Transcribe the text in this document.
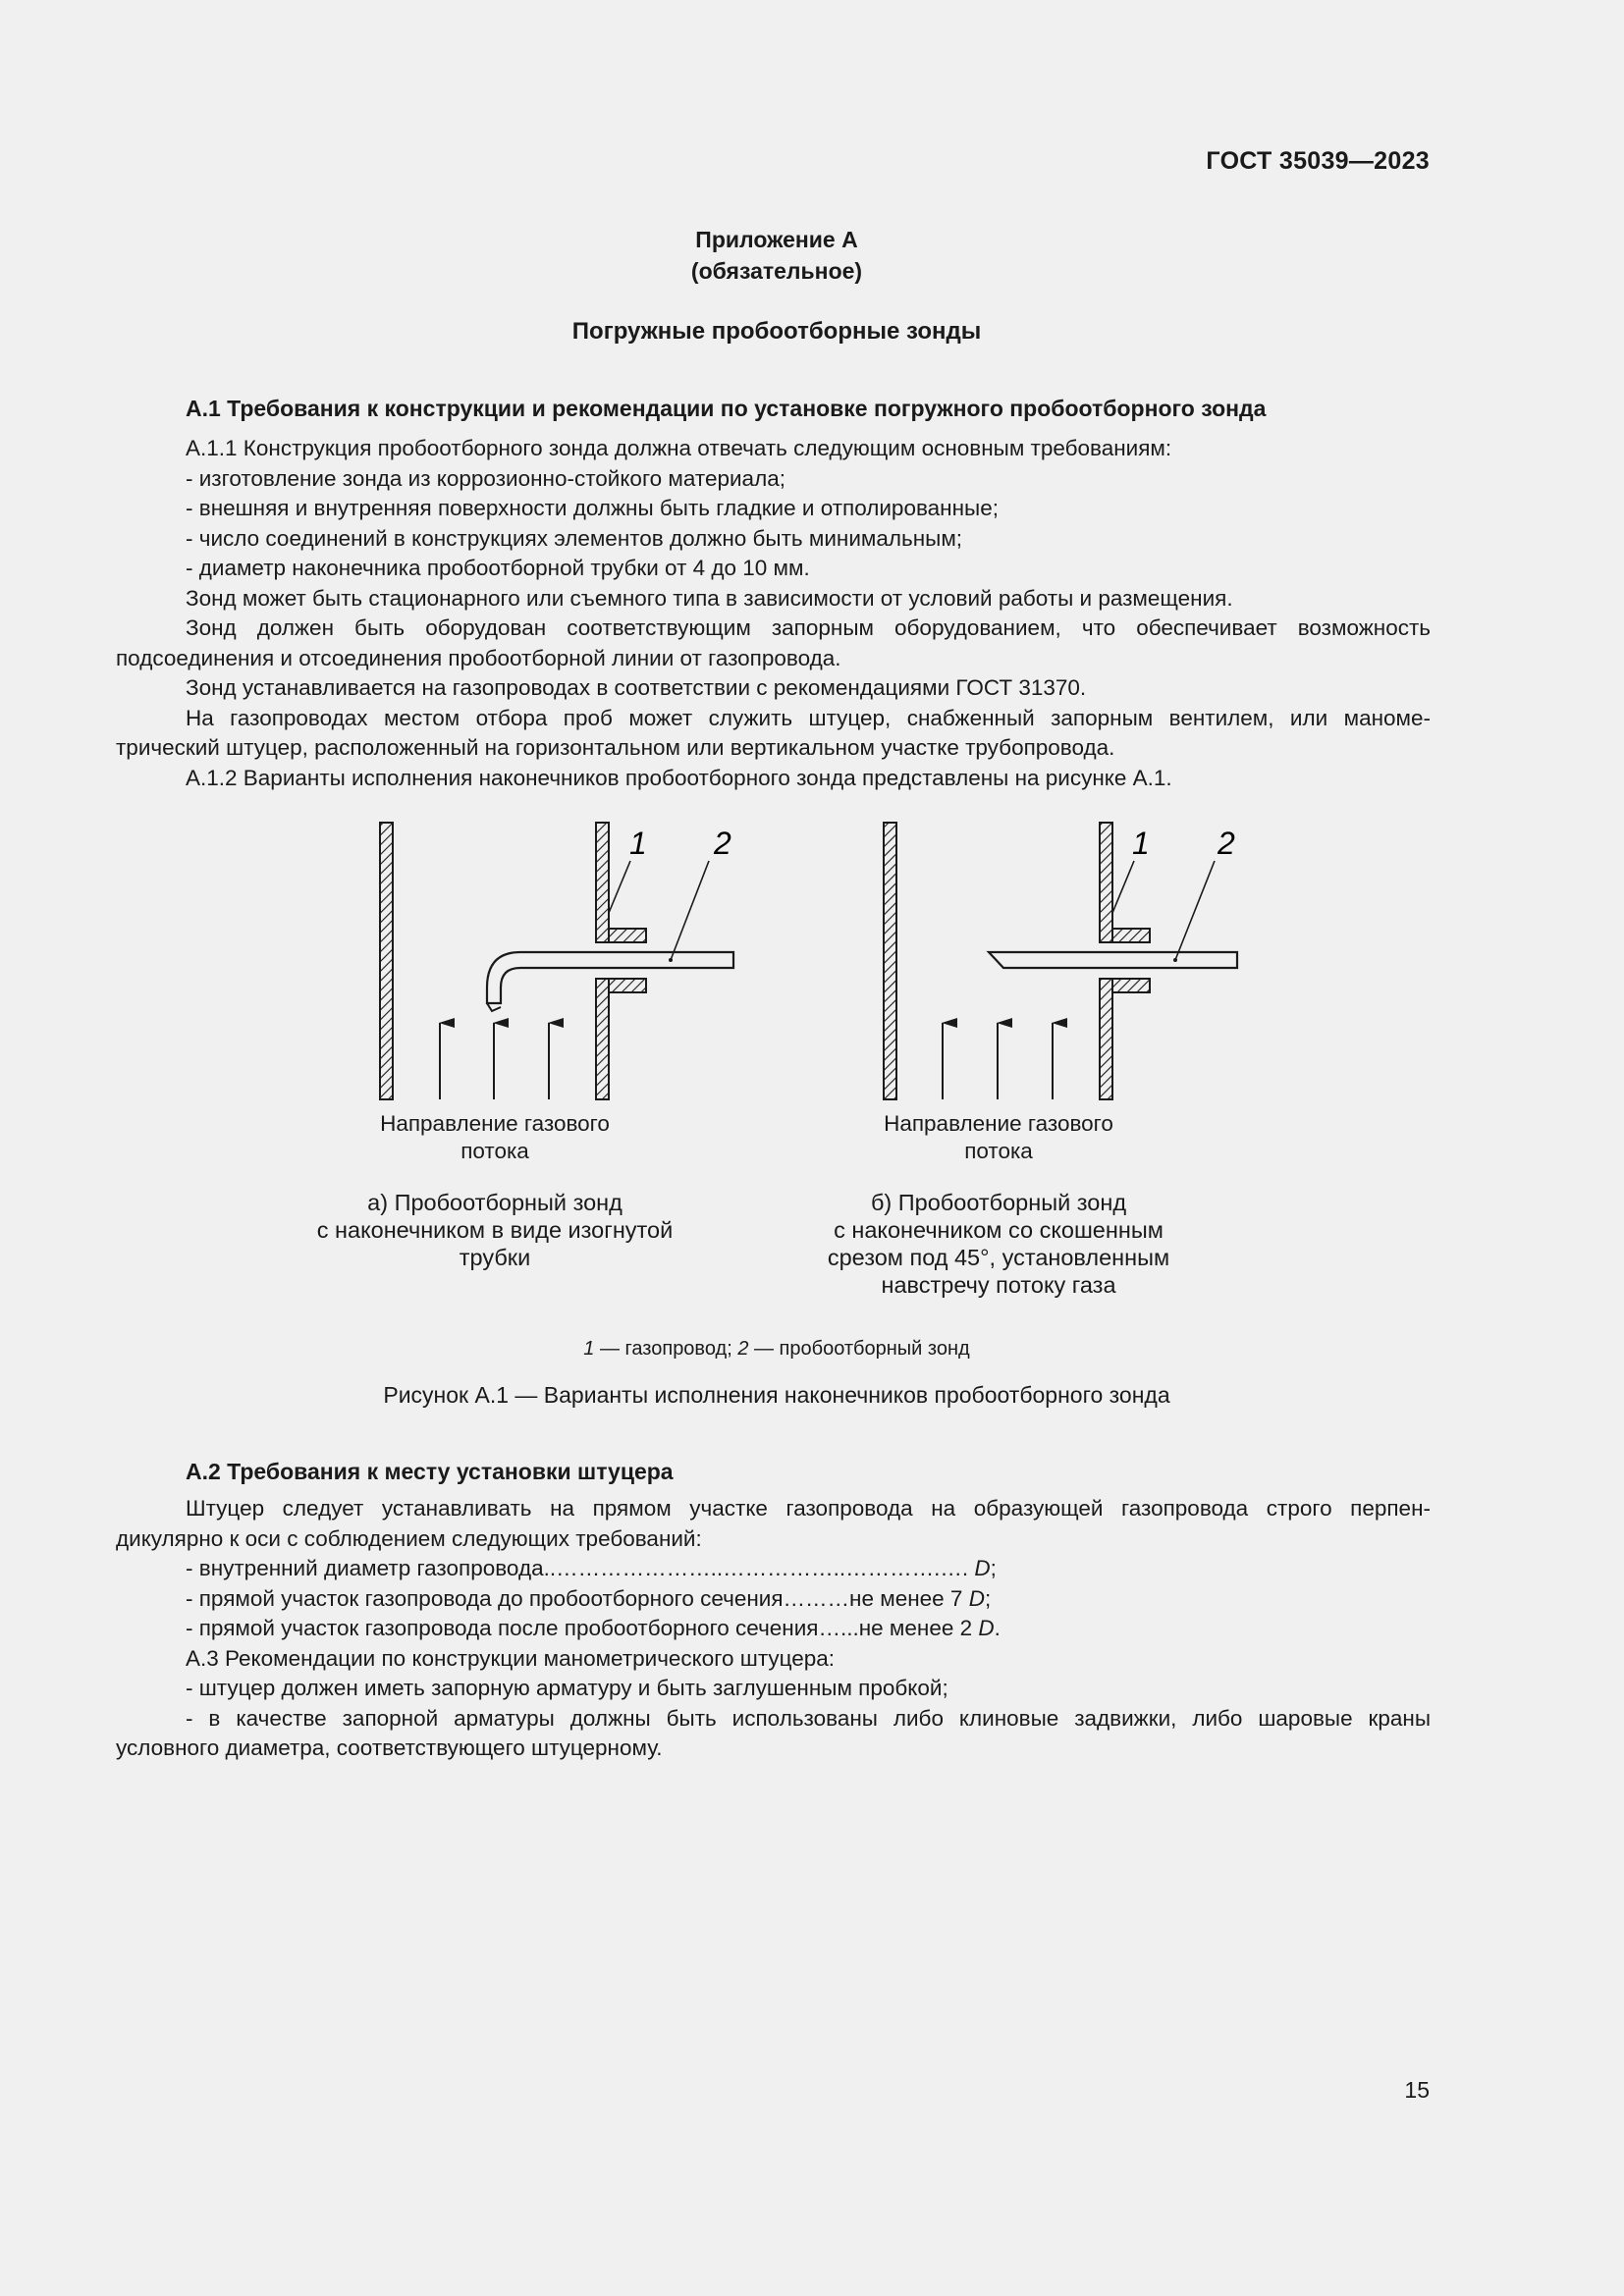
ГОСТ 35039—2023
Приложение А
(обязательное)
Погружные пробоотборные зонды
А.1 Требования к конструкции и рекомендации по установке погружного пробоотборного зонда
А.1.1 Конструкция пробоотборного зонда должна отвечать следующим основным требованиям:
- изготовление зонда из коррозионно-стойкого материала;
- внешняя и внутренняя поверхности должны быть гладкие и отполированные;
- число соединений в конструкциях элементов должно быть минимальным;
- диаметр наконечника пробоотборной трубки от 4 до 10 мм.
Зонд может быть стационарного или съемного типа в зависимости от условий работы и размещения.
Зонд должен быть оборудован соответствующим запорным оборудованием, что обеспечивает возможность
подсоединения и отсоединения пробоотборной линии от газопровода.
Зонд устанавливается на газопроводах в соответствии с рекомендациями ГОСТ 31370.
На газопроводах местом отбора проб может служить штуцер, снабженный запорным вентилем, или маноме-
трический штуцер, расположенный на горизонтальном или вертикальном участке трубопровода.
А.1.2 Варианты исполнения наконечников пробоотборного зонда представлены на рисунке А.1.
1 2	1 2
Направление газового
потока
Направление газового
потока
а) Пробоотборный зонд
с наконечником в виде изогнутой
трубки
б) Пробоотборный зонд
с наконечником со скошенным
срезом под 45°, установленным
навстречу потоку газа
1 — газопровод; 2 — пробоотборный зонд
Рисунок А.1 — Варианты исполнения наконечников пробоотборного зонда
А.2 Требования к месту установки штуцера
Штуцер следует устанавливать на прямом участке газопровода на образующей газопровода строго перпен-
дикулярно к оси с соблюдением следующих требований:
- внутренний диаметр газопровода..…………………..……………..………….…. D;
- прямой участок газопровода до пробоотборного сечения………не менее 7 D;
- прямой участок газопровода после пробоотборного сечения…...не менее 2 D.
А.3 Рекомендации по конструкции манометрического штуцера:
- штуцер должен иметь запорную арматуру и быть заглушенным пробкой;
- в качестве запорной арматуры должны быть использованы либо клиновые задвижки, либо шаровые краны
условного диаметра, соответствующего штуцерному.
15
